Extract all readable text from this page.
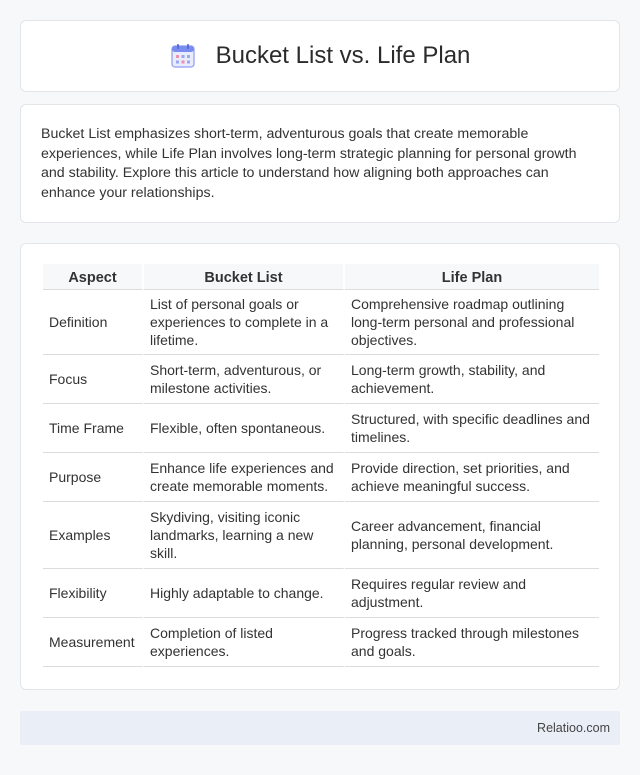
Bucket List vs. Life Plan

Bucket List emphasizes short-term, adventurous goals that create memorable experiences, while Life Plan involves long-term strategic planning for personal growth and stability. Explore this article to understand how aligning both approaches can enhance your relationships.

Aspect	Bucket List	Life Plan
Definition	List of personal goals or experiences to complete in a lifetime.	Comprehensive roadmap outlining long-term personal and professional objectives.
Focus	Short-term, adventurous, or milestone activities.	Long-term growth, stability, and achievement.
Time Frame	Flexible, often spontaneous.	Structured, with specific deadlines and timelines.
Purpose	Enhance life experiences and create memorable moments.	Provide direction, set priorities, and achieve meaningful success.
Examples	Skydiving, visiting iconic landmarks, learning a new skill.	Career advancement, financial planning, personal development.
Flexibility	Highly adaptable to change.	Requires regular review and adjustment.
Measurement	Completion of listed experiences.	Progress tracked through milestones and goals.
Relatioo.com
